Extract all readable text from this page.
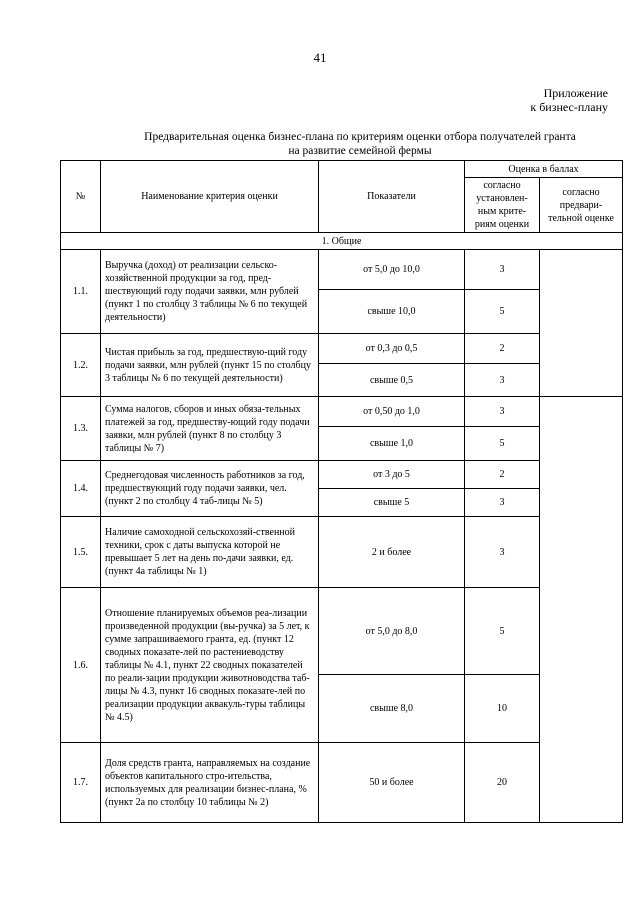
41
Приложение
к бизнес-плану
Предварительная оценка бизнес-плана по критериям оценки отбора получателей гранта
на развитие семейной фермы
№	Наименование критерия оценки	Показатели	Оценка в баллах	
			согласно установлен-ным крите-риям оценки	согласно предвари-тельной оценке
1. Общие				
1.1.	Выручка (доход) от реализации сельско-хозяйственной продукции за год, пред-шествующий году подачи заявки, млн рублей (пункт 1 по столбцу 3 таблицы № 6 по текущей деятельности)	от 5,0 до 10,0	3	
		свыше 10,0	5	
1.2.	Чистая прибыль за год, предшествую-щий году подачи заявки, млн рублей (пункт 15 по столбцу 3 таблицы № 6 по текущей деятельности)	от 0,3 до 0,5	2	
		свыше 0,5	3	
1.3.	Сумма налогов, сборов и иных обяза-тельных платежей за год, предшеству-ющий году подачи заявки, млн рублей (пункт 8 по столбцу 3 таблицы № 7)	от 0,50 до 1,0	3	
		свыше 1,0	5	
1.4.	Среднегодовая численность работников за год, предшествующий году подачи заявки, чел. (пункт 2 по столбцу 4 таб-лицы № 5)	от 3 до 5	2	
		свыше 5	3	
1.5.	Наличие самоходной сельскохозяй-ственной техники, срок с даты выпуска которой не превышает 5 лет на день по-дачи заявки, ед. (пункт 4а таблицы № 1)	2 и более	3	
1.6.	Отношение планируемых объемов реа-лизации произведенной продукции (вы-ручка) за 5 лет, к сумме запрашиваемого гранта, ед. (пункт 12 сводных показате-лей по растениеводству таблицы № 4.1, пункт 22 сводных показателей по реали-зации продукции животноводства таб-лицы № 4.3, пункт 16 сводных показате-лей по реализации продукции аквакуль-туры таблицы № 4.5)	от 5,0 до 8,0	5	
		свыше 8,0	10	
1.7.	Доля средств гранта, направляемых на создание объектов капитального стро-ительства, используемых для реализации бизнес-плана, % (пункт 2а по столбцу 10 таблицы № 2)	50 и более	20	
